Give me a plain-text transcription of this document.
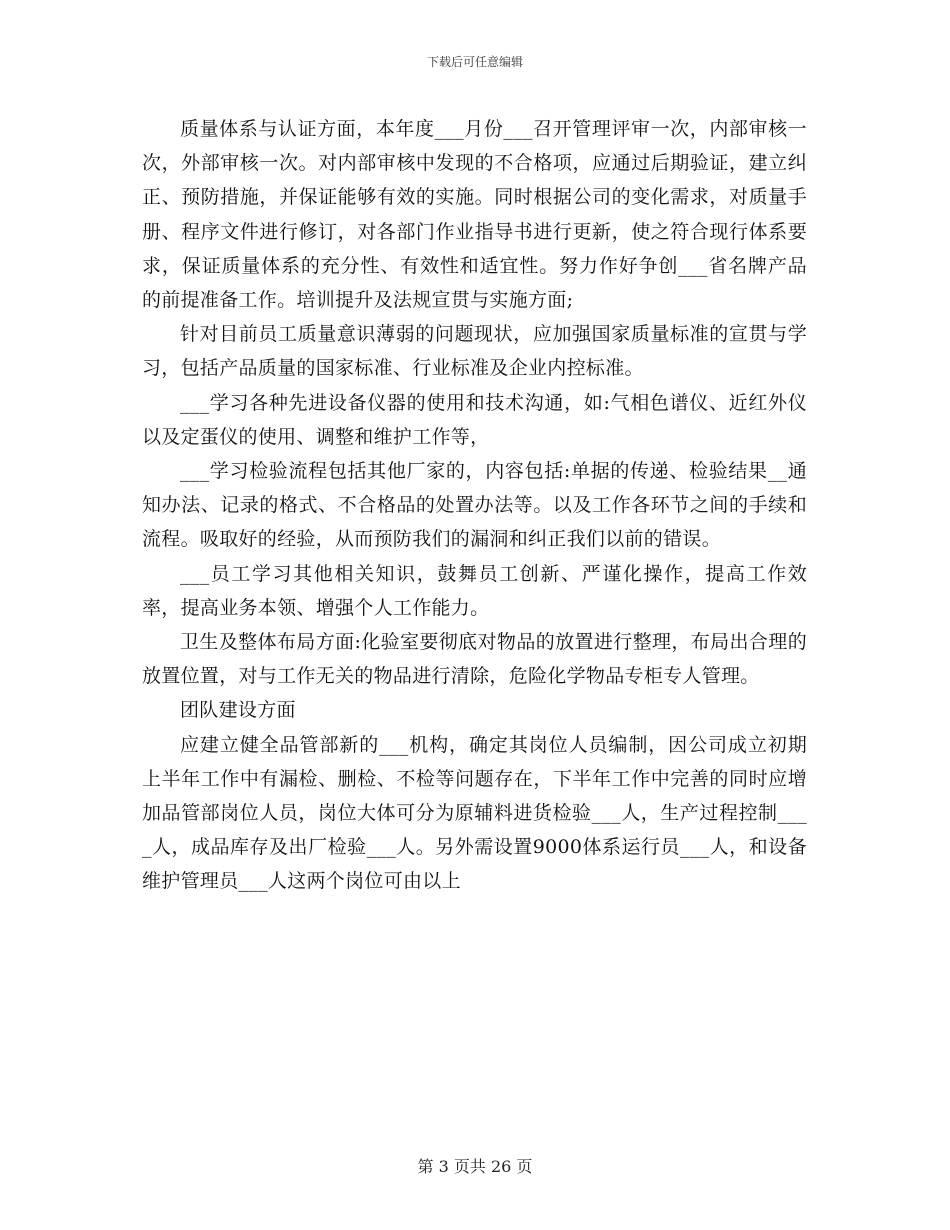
下载后可任意编辑

质量体系与认证方面，本年度___月份___召开管理评审一次，内部审核一次，外部审核一次。对内部审核中发现的不合格项，应通过后期验证，建立纠正、预防措施，并保证能够有效的实施。同时根据公司的变化需求，对质量手册、程序文件进行修订，对各部门作业指导书进行更新，使之符合现行体系要求，保证质量体系的充分性、有效性和适宜性。努力作好争创___省名牌产品的前提准备工作。培训提升及法规宣贯与实施方面;

针对目前员工质量意识薄弱的问题现状，应加强国家质量标准的宣贯与学习，包括产品质量的国家标准、行业标准及企业内控标准。

___学习各种先进设备仪器的使用和技术沟通，如:气相色谱仪、近红外仪以及定蛋仪的使用、调整和维护工作等，

___学习检验流程包括其他厂家的，内容包括:单据的传递、检验结果__通知办法、记录的格式、不合格品的处置办法等。以及工作各环节之间的手续和流程。吸取好的经验，从而预防我们的漏洞和纠正我们以前的错误。

___员工学习其他相关知识，鼓舞员工创新、严谨化操作，提高工作效率，提高业务本领、增强个人工作能力。

卫生及整体布局方面:化验室要彻底对物品的放置进行整理，布局出合理的放置位置，对与工作无关的物品进行清除，危险化学物品专柜专人管理。

团队建设方面

应建立健全品管部新的___机构，确定其岗位人员编制，因公司成立初期上半年工作中有漏检、删检、不检等问题存在，下半年工作中完善的同时应增加品管部岗位人员，岗位大体可分为原辅料进货检验___人，生产过程控制____人，成品库存及出厂检验___人。另外需设置9000体系运行员___人，和设备维护管理员___人这两个岗位可由以上

第 3 页共 26 页
